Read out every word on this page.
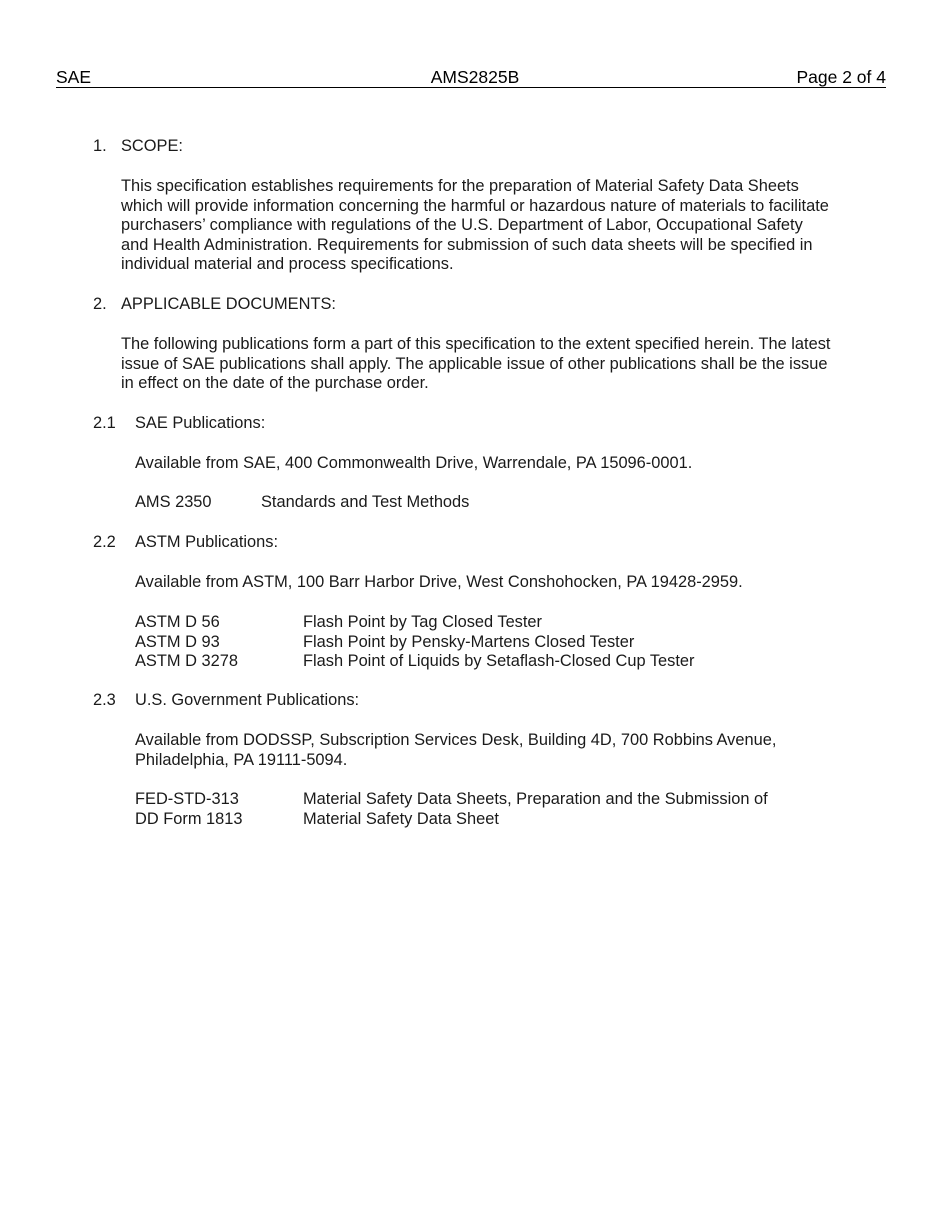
SAE	AMS2825B	Page 2 of 4
1. SCOPE:
This specification establishes requirements for the preparation of Material Safety Data Sheets
which will provide information concerning the harmful or hazardous nature of materials to facilitate
purchasers’ compliance with regulations of the U.S. Department of Labor, Occupational Safety
and Health Administration. Requirements for submission of such data sheets will be specified in
individual material and process specifications.
2. APPLICABLE DOCUMENTS:
The following publications form a part of this specification to the extent specified herein. The latest
issue of SAE publications shall apply. The applicable issue of other publications shall be the issue
in effect on the date of the purchase order.
2.1 SAE Publications:
Available from SAE, 400 Commonwealth Drive, Warrendale, PA 15096-0001.
AMS 2350	Standards and Test Methods
2.2 ASTM Publications:
Available from ASTM, 100 Barr Harbor Drive, West Conshohocken, PA 19428-2959.
ASTM D 56	Flash Point by Tag Closed Tester
ASTM D 93	Flash Point by Pensky-Martens Closed Tester
ASTM D 3278	Flash Point of Liquids by Setaflash-Closed Cup Tester
2.3 U.S. Government Publications:
Available from DODSSP, Subscription Services Desk, Building 4D, 700 Robbins Avenue,
Philadelphia, PA 19111-5094.
FED-STD-313	Material Safety Data Sheets, Preparation and the Submission of
DD Form 1813	Material Safety Data Sheet
